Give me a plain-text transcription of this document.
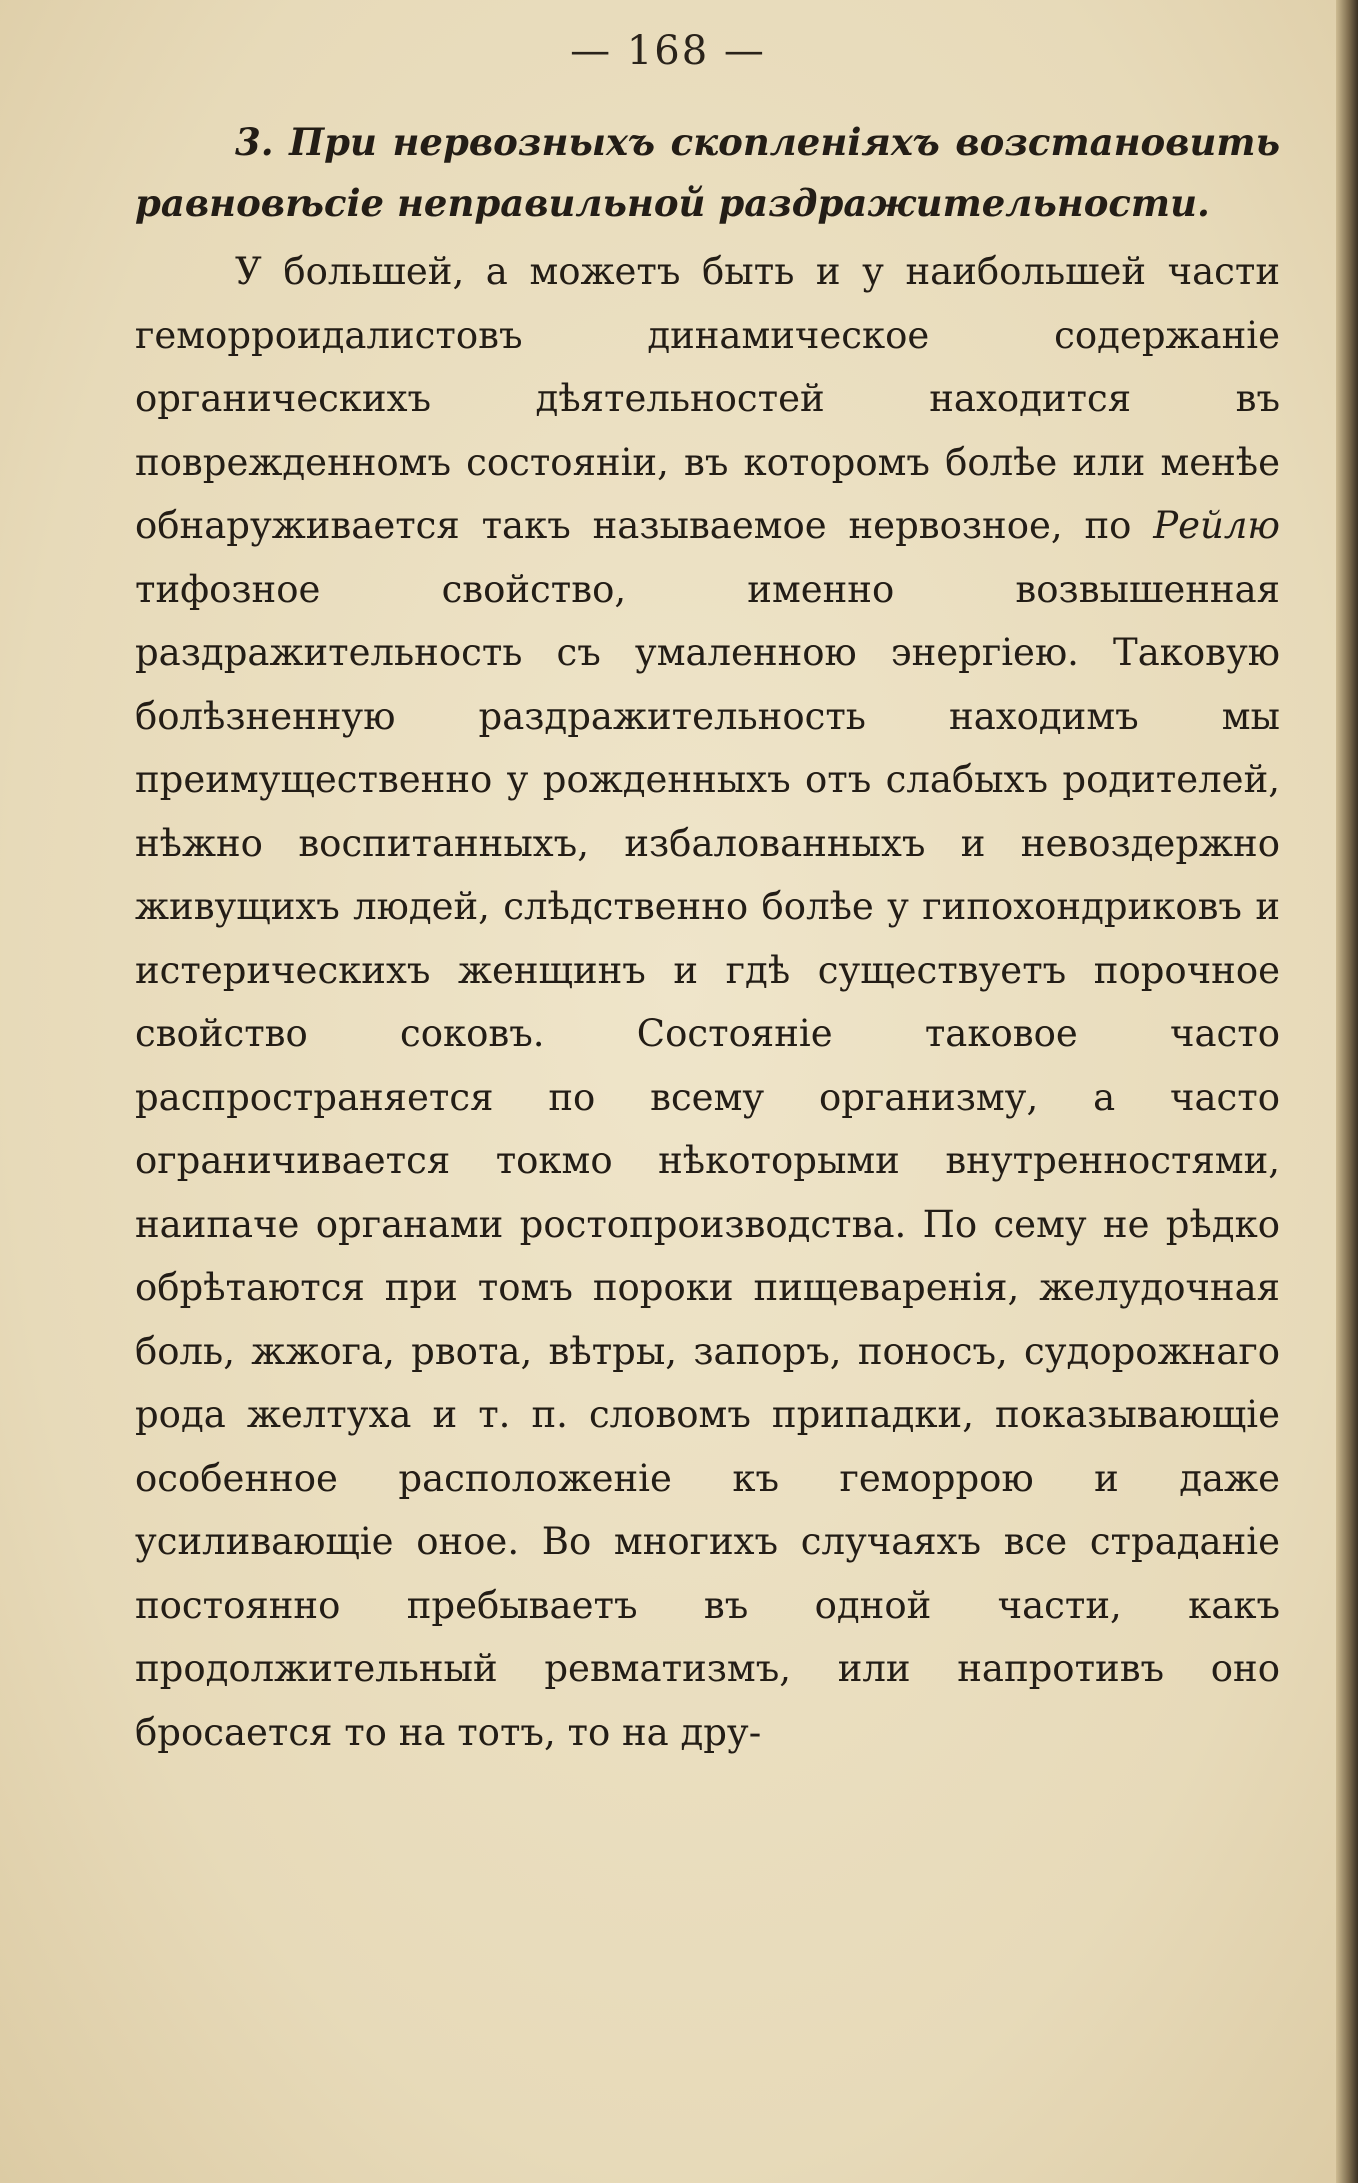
— 168 —

3. При нервозныхъ скопленіяхъ возстановить равновѣсіе неправильной раздражительности.

У большей, а можетъ быть и у наибольшей части геморроидалистовъ динамическое содержаніе органическихъ дѣятельностей находится въ поврежденномъ состояніи, въ которомъ болѣе или менѣе обнаруживается такъ называемое нервозное, по Рейлю тифозное свойство, именно возвышенная раздражительность съ умаленною энергіею. Таковую болѣзненную раздражительность находимъ мы преимущественно у рожденныхъ отъ слабыхъ родителей, нѣжно воспитанныхъ, избалованныхъ и невоздержно живущихъ людей, слѣдственно болѣе у гипохондриковъ и истерическихъ женщинъ и гдѣ существуетъ порочное свойство соковъ. Состояніе таковое часто распространяется по всему организму, а часто ограничивается токмо нѣкоторыми внутренностями, наипаче органами ростопроизводства. По сему не рѣдко обрѣтаются при томъ пороки пищеваренія, желудочная боль, жжога, рвота, вѣтры, запоръ, поносъ, судорожнаго рода желтуха и т. п. словомъ припадки, показывающіе особенное расположеніе къ геморрою и даже усиливающіе оное. Во многихъ случаяхъ все страданіе постоянно пребываетъ въ одной части, какъ продолжительный ревматизмъ, или напротивъ оно бросается то на тотъ, то на дру-
